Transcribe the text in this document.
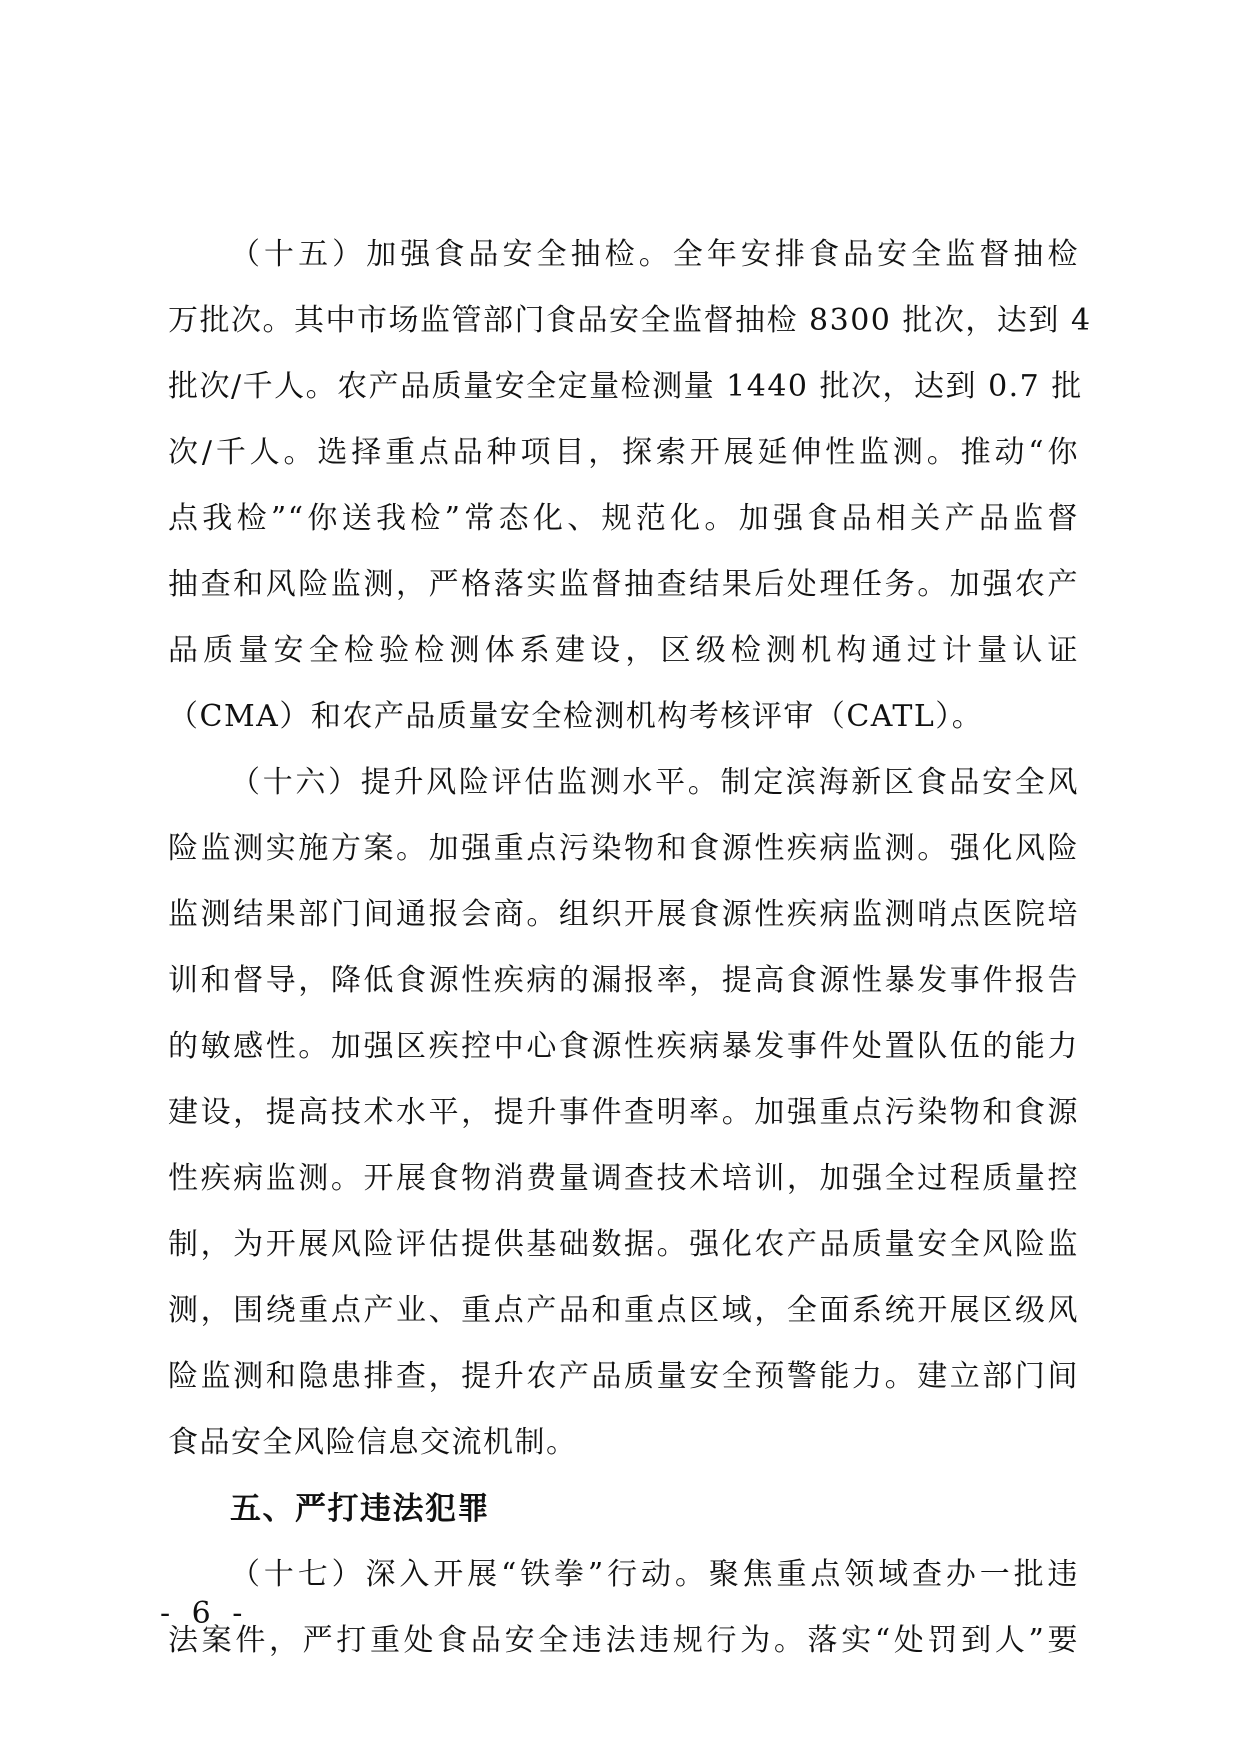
（十五）加强食品安全抽检。全年安排食品安全监督抽检
万批次。其中市场监管部门食品安全监督抽检 8300 批次，达到 4
批次/千人。农产品质量安全定量检测量 1440 批次，达到 0.7 批
次/千人。选择重点品种项目，探索开展延伸性监测。推动“你
点我检”“你送我检”常态化、规范化。加强食品相关产品监督
抽查和风险监测，严格落实监督抽查结果后处理任务。加强农产
品质量安全检验检测体系建设，区级检测机构通过计量认证
（CMA）和农产品质量安全检测机构考核评审（CATL）。
（十六）提升风险评估监测水平。制定滨海新区食品安全风
险监测实施方案。加强重点污染物和食源性疾病监测。强化风险
监测结果部门间通报会商。组织开展食源性疾病监测哨点医院培
训和督导，降低食源性疾病的漏报率，提高食源性暴发事件报告
的敏感性。加强区疾控中心食源性疾病暴发事件处置队伍的能力
建设，提高技术水平，提升事件查明率。加强重点污染物和食源
性疾病监测。开展食物消费量调查技术培训，加强全过程质量控
制，为开展风险评估提供基础数据。强化农产品质量安全风险监
测，围绕重点产业、重点产品和重点区域，全面系统开展区级风
险监测和隐患排查，提升农产品质量安全预警能力。建立部门间
食品安全风险信息交流机制。
五、严打违法犯罪
（十七）深入开展“铁拳”行动。聚焦重点领域查办一批违
法案件，严打重处食品安全违法违规行为。落实“处罚到人”要
- 6 -
